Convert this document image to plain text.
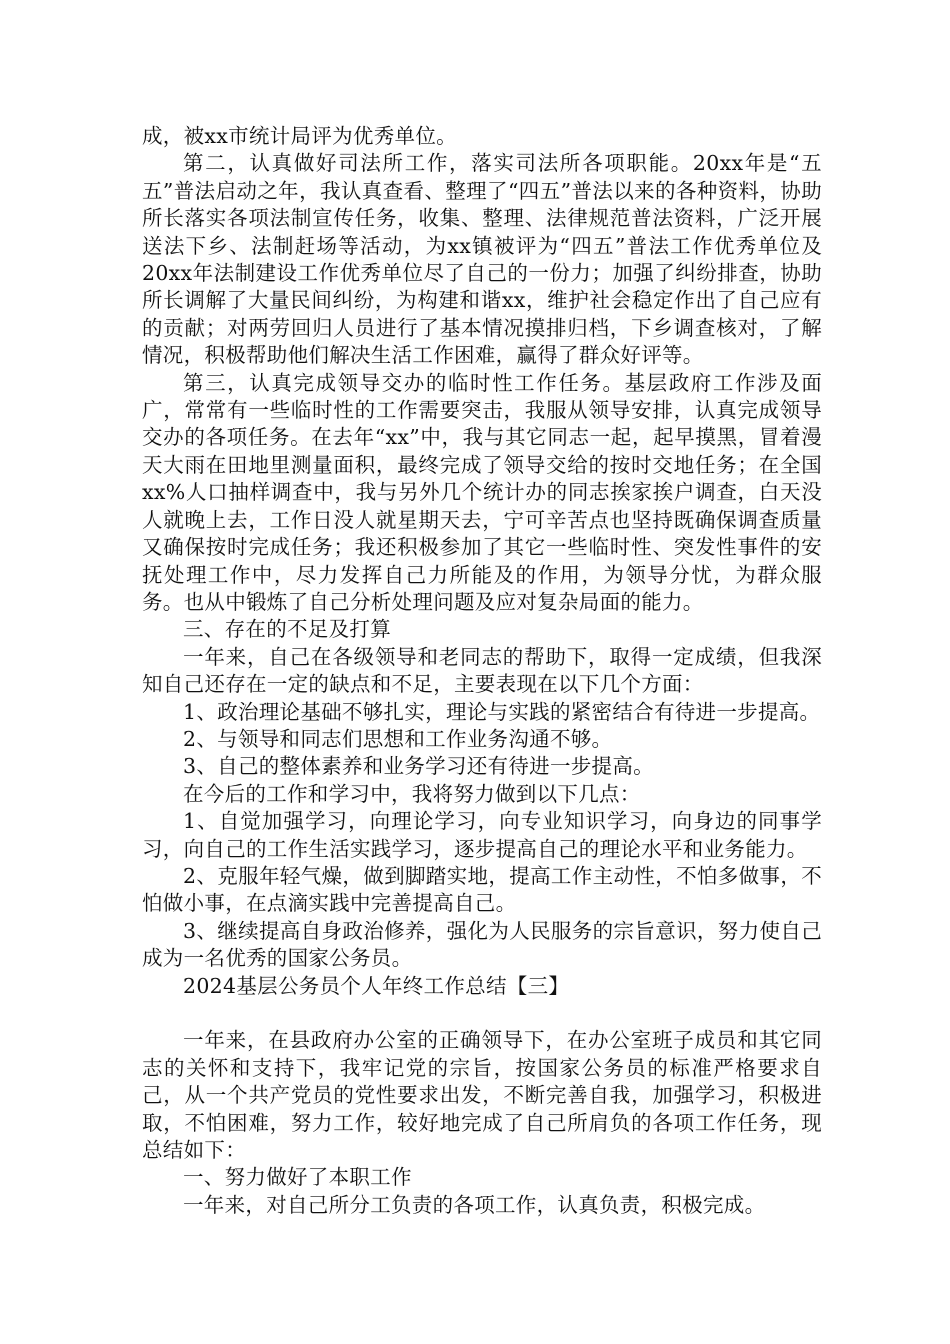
成，被xx市统计局评为优秀单位。

第二，认真做好司法所工作，落实司法所各项职能。20xx年是“五五”普法启动之年，我认真查看、整理了“四五”普法以来的各种资料，协助所长落实各项法制宣传任务，收集、整理、法律规范普法资料，广泛开展送法下乡、法制赶场等活动，为xx镇被评为“四五”普法工作优秀单位及20xx年法制建设工作优秀单位尽了自己的一份力；加强了纠纷排查，协助所长调解了大量民间纠纷，为构建和谐xx，维护社会稳定作出了自己应有的贡献；对两劳回归人员进行了基本情况摸排归档，下乡调查核对，了解情况，积极帮助他们解决生活工作困难，赢得了群众好评等。

第三，认真完成领导交办的临时性工作任务。基层政府工作涉及面广，常常有一些临时性的工作需要突击，我服从领导安排，认真完成领导交办的各项任务。在去年“xx”中，我与其它同志一起，起早摸黑，冒着漫天大雨在田地里测量面积，最终完成了领导交给的按时交地任务；在全国xx%人口抽样调查中，我与另外几个统计办的同志挨家挨户调查，白天没人就晚上去，工作日没人就星期天去，宁可辛苦点也坚持既确保调查质量又确保按时完成任务；我还积极参加了其它一些临时性、突发性事件的安抚处理工作中，尽力发挥自己力所能及的作用，为领导分忧，为群众服务。也从中锻炼了自己分析处理问题及应对复杂局面的能力。

三、存在的不足及打算

一年来，自己在各级领导和老同志的帮助下，取得一定成绩，但我深知自己还存在一定的缺点和不足，主要表现在以下几个方面：

1、政治理论基础不够扎实，理论与实践的紧密结合有待进一步提高。

2、与领导和同志们思想和工作业务沟通不够。

3、自己的整体素养和业务学习还有待进一步提高。

在今后的工作和学习中，我将努力做到以下几点：

1、自觉加强学习，向理论学习，向专业知识学习，向身边的同事学习，向自己的工作生活实践学习，逐步提高自己的理论水平和业务能力。

2、克服年轻气燥，做到脚踏实地，提高工作主动性，不怕多做事，不怕做小事，在点滴实践中完善提高自己。

3、继续提高自身政治修养，强化为人民服务的宗旨意识，努力使自己成为一名优秀的国家公务员。

2024基层公务员个人年终工作总结【三】

一年来，在县政府办公室的正确领导下，在办公室班子成员和其它同志的关怀和支持下，我牢记党的宗旨，按国家公务员的标准严格要求自己，从一个共产党员的党性要求出发，不断完善自我，加强学习，积极进取，不怕困难，努力工作，较好地完成了自己所肩负的各项工作任务，现总结如下：

一、努力做好了本职工作

一年来，对自己所分工负责的各项工作，认真负责，积极完成。
